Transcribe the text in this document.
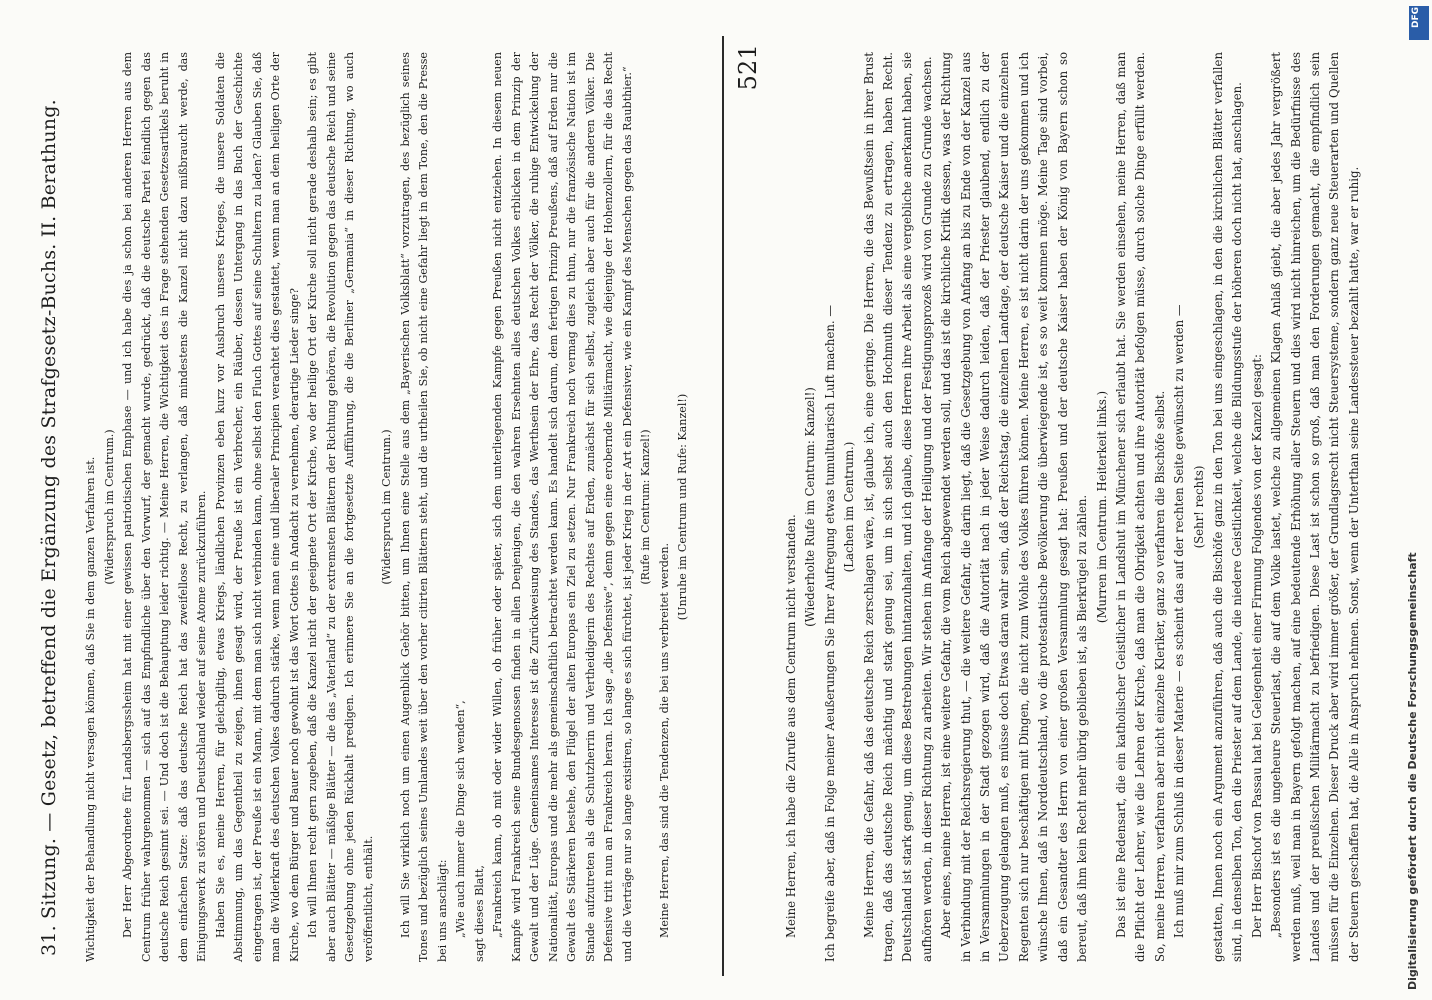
31. Sitzung. — Gesetz, betreffend die Ergänzung des Strafgesetz-Buchs. II. Berathung. Wichtigkeit der Behandlung nicht versagen können, daß Sie in dem ganzen Verfahren ist. (Widerspruch im Centrum.) Der Herr Abgeordnete für Landsbergssheim hat mit einer gewissen patriotischen Emphase — und ich habe dies ja schon bei anderen Herren aus dem Centrum früher wahrgenommen — sich auf das Empfindliche über den Vorwurf, der gemacht wurde, gedrückt, daß die deutsche Partei feindlich gegen das deutsche Reich gesinnt sei. — Und doch ist die Behauptung leider richtig. — Meine Herren, die Wichtigkeit des in Frage stehenden Gesetzesartikels beruht in dem einfachen Satze: daß das deutsche Reich hat das zweifellose Recht, zu verlangen, daß mindestens die Kanzel nicht dazu mißbraucht werde, das Einigungswerk zu stören und Deutschland wieder auf seine Atome zurückzuführen. Haben Sie es, meine Herren, für gleichgiltig, etwas Kriegs, ländlichen Provinzen eben kurz vor Ausbruch unseres Krieges, die unsere Soldaten die Abstimmung, um das Gegentheil zu zeigen, ihnen gesagt wird, der Preuße ist ein Verbrecher, ein Räuber, dessen Untergang in das Buch der Geschichte eingetragen ist, der Preuße ist ein Mann, mit dem man sich nicht verbinden kann, ohne selbst den Fluch Gottes auf seine Schultern zu laden? Glauben Sie, daß man die Widerkraft des deutschen Volkes dadurch stärke, wenn man eine und liberaler Principien verachtet dies gestattet, wenn man an dem heiligen Orte der Kirche, wo dem Bürger und Bauer noch gewohnt ist das Wort Gottes in Andacht zu vernehmen, derartige Lieder singe? Ich will Ihnen recht gern zugeben, daß die Kanzel nicht der geeignete Ort der Kirche, wo der heilige Ort der Kirche soll nicht gerade deshalb sein; es gibt aber auch Blätter — mäßige Blätter — die das „Vaterland“ zu der extremsten Blättern der Richtung gehören, die Revolution gegen das deutsche Reich und seine Gesetzgebung ohne jeden Rückhalt predigen. Ich erinnere Sie an die fortgesetzte Aufführung, die die Berliner „Germania“ in dieser Richtung, wo auch veröffentlicht, enthält.

(Widerspruch im Centrum.) Ich will Sie wirklich noch um einen Augenblick Gehör bitten, um Ihnen eine Stelle aus dem „Bayerischen Volksblatt“ vorzutragen, des bezüglich seines Tones und bezüglich seines Umlandes weit über den vorher citirten Blättern steht, und die urtheilen Sie, ob nicht eine Gefahr liegt in dem Tone, den die Presse bei uns anschlägt: „Wie auch immer die Dinge sich wenden“, sagt dieses Blatt, „Frankreich kann, ob mit oder wider Willen, ob früher oder später, sich dem unterliegenden Kampfe gegen Preußen nicht entziehen. In diesem neuen Kampfe wird Frankreich seine Bundesgenossen finden in allen Denjenigen, die den wahren Ersehnten alles deutschen Volkes erblicken in dem Prinzip der Gewalt und der Lüge. Gemeinsames Interesse ist die Zurückweisung des Standes, das Werthsein der Ehre, das Recht der Völker, die ruhige Entwickelung der Nationalität, Europas und die mehr als gemeinschaftlich betrachtet werden kann. Es handelt sich darum, dem fertigen Prinzip Preußens, daß auf Erden nur die Gewalt des Stärkeren bestehe, den Flügel der alten Europas ein Ziel zu setzen. Nur Frankreich noch vermag dies zu thun, nur die französische Nation ist im Stande aufzutreten als die Schutzherrin und Vertheidigerin des Rechtes auf Erden, zunächst für sich selbst, zugleich aber auch für die anderen Völker. Die Defensive tritt nun an Frankreich heran. Ich sage „die Defensive“, denn gegen eine erobernde Militärmacht, wie diejenige der Hohenzollern, für die das Recht und die Verträge nur so lange existiren, so lange es sich fürchtet, ist jeder Krieg in der Art ein Defensiver, wie ein Kampf des Menschen gegen das Raubthier.“ (Rufe im Centrum: Kanzel!)

Meine Herren, das sind die Tendenzen, die bei uns verbreitet werden.

(Unruhe im Centrum und Rufe: Kanzel!)

521

Meine Herren, ich habe die Zurufe aus dem Centrum nicht verstanden.

(Wiederholte Rufe im Centrum: Kanzel!) Ich begreife aber, daß in Folge meiner Aeußerungen Sie Ihrer Aufregung etwas tumultuarisch Luft machen. — (Lachen im Centrum.) Meine Herren, die Gefahr, daß das deutsche Reich zerschlagen wäre, ist, glaube ich, eine geringe. Die Herren, die das Bewußtsein in ihrer Brust tragen, daß das deutsche Reich mächtig und stark genug sei, um in sich selbst auch den Hochmuth dieser Tendenz zu ertragen, haben Recht. Deutschland ist stark genug, um diese Bestrebungen hintanzuhalten, und ich glaube, diese Herren ihre Arbeit als eine vergebliche anerkannt haben, sie aufhören werden, in dieser Richtung zu arbeiten. Wir stehen im Anfange der Heiligung und der Festigungsprozeß wird von Grunde zu Grunde wachsen. Aber eines, meine Herren, ist eine weitere Gefahr, die vom Reich abgewendet werden soll, und das ist die kirchliche Kritik dessen, was der Richtung in Verbindung mit der Reichsregierung thut, — die weitere Gefahr, die darin liegt, daß die Gesetzgebung von Anfang an bis zu Ende von der Kanzel aus in Versammlungen in der Stadt gezogen wird, daß die Autorität nach in jeder Weise dadurch leiden, daß der Priester glaubend, endlich zu der Ueberzeugung gelangen muß, es müsse doch Etwas daran wahr sein, daß der Reichstag, die einzelnen Landtage, der deutsche Kaiser und die einzelnen Regenten sich nur beschäftigen mit Dingen, die nicht zum Wohle des Volkes führen können. Meine Herren, es ist nicht darin der uns gekommen und ich wünsche Ihnen, daß in Norddeutschland, wo die protestantische Bevölkerung die überwiegende ist, es so weit kommen möge. Meine Tage sind vorbei, daß ein Gesandter des Herrn von einer großen Versammlung gesagt hat: Preußen und der deutsche Kaiser haben der König von Bayern schon so bereut, daß ihm kein Recht mehr übrig geblieben ist, als Bierkrügel zu zählen. (Murren im Centrum. Heiterkeit links.) Das ist eine Redensart, die ein katholischer Geistlicher in Landshut im Münchener sich erlaubt hat. Sie werden einsehen, meine Herren, daß man die Pflicht der Lehrer, wie die Lehren der Kirche, daß man die Obrigkeit achten und ihre Autorität befolgen müsse, durch solche Dinge erfüllt werden. So, meine Herren, verfahren aber nicht einzelne Kleriker, ganz so verfahren die Bischöfe selbst. Ich muß mir zum Schluß in dieser Materie — es scheint das auf der rechten Seite gewünscht zu werden — (Sehr! rechts) gestatten, Ihnen noch ein Argument anzuführen, daß auch die Bischöfe ganz in den Ton bei uns eingeschlagen, in den die kirchlichen Blätter verfallen sind, in denselben Ton, den die Priester auf dem Lande, die niedere Geistlichkeit, welche die Bildungsstufe der höheren doch nicht hat, anschlagen. Der Herr Bischof von Passau hat bei Gelegenheit einer Firmung Folgendes von der Kanzel gesagt: „Besonders ist es die ungeheure Steuerlast, die auf dem Volke lastet, welche zu allgemeinen Klagen Anlaß giebt, die aber jedes Jahr vergrößert werden muß, weil man in Bayern gefolgt machen, auf eine bedeutende Erhöhung aller Steuern und dies wird nicht hinreichen, um die Bedürfnisse des Landes und der preußischen Militärmacht zu befriedigen. Diese Last ist schon so groß, daß man den Forderungen gemacht, die empfindlich sein müssen für die Einzelnen. Dieser Druck aber wird immer größer, der Grundlagsrecht nicht Steuersysteme, sondern ganz neue Steuerarten und Quellen der Steuern geschaffen hat, die Alle in Anspruch nehmen. Sonst, wenn der Unterthan seine Landessteuer bezahlt hatte, war er ruhig.

DFG
Digitalisierung gefördert durch die Deutsche Forschungsgemeinschaft
